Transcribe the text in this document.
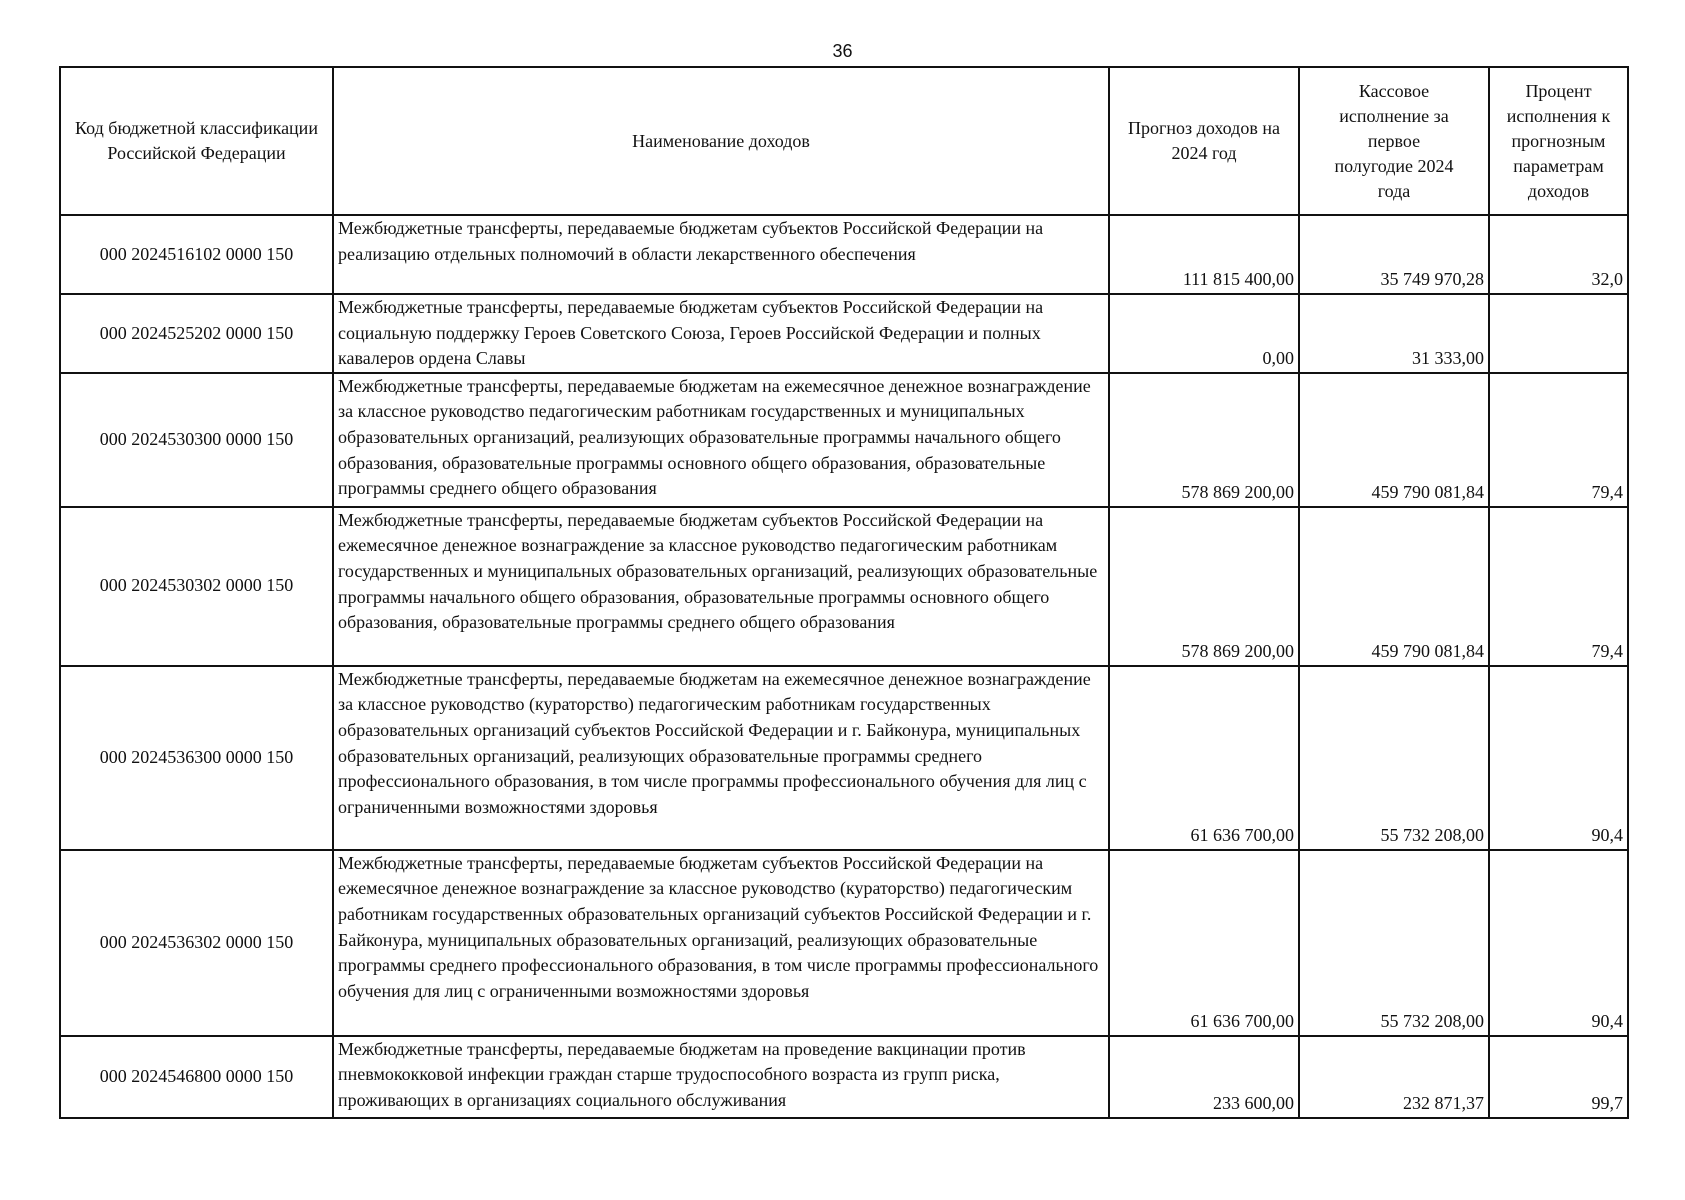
36
Код бюджетной классификации Российской Федерации	Наименование доходов	Прогноз доходов на 2024 год	Кассовое исполнение за первое полугодие 2024 года	Процент исполнения к прогнозным параметрам доходов
000 2024516102 0000 150	Межбюджетные трансферты, передаваемые бюджетам субъектов Российской Федерации на реализацию отдельных полномочий в области лекарственного обеспечения	111 815 400,00	35 749 970,28	32,0
000 2024525202 0000 150	Межбюджетные трансферты, передаваемые бюджетам субъектов Российской Федерации на социальную поддержку Героев Советского Союза, Героев Российской Федерации и полных кавалеров ордена Славы	0,00	31 333,00	
000 2024530300 0000 150	Межбюджетные трансферты, передаваемые бюджетам на ежемесячное денежное вознаграждение за классное руководство педагогическим работникам государственных и муниципальных образовательных организаций, реализующих образовательные программы начального общего образования, образовательные программы основного общего образования, образовательные программы среднего общего образования	578 869 200,00	459 790 081,84	79,4
000 2024530302 0000 150	Межбюджетные трансферты, передаваемые бюджетам субъектов Российской Федерации на ежемесячное денежное вознаграждение за классное руководство педагогическим работникам государственных и муниципальных образовательных организаций, реализующих образовательные программы начального общего образования, образовательные программы основного общего образования, образовательные программы среднего общего образования	578 869 200,00	459 790 081,84	79,4
000 2024536300 0000 150	Межбюджетные трансферты, передаваемые бюджетам на ежемесячное денежное вознаграждение за классное руководство (кураторство) педагогическим работникам государственных образовательных организаций субъектов Российской Федерации и г. Байконура, муниципальных образовательных организаций, реализующих образовательные программы среднего профессионального образования, в том числе программы профессионального обучения для лиц с ограниченными возможностями здоровья	61 636 700,00	55 732 208,00	90,4
000 2024536302 0000 150	Межбюджетные трансферты, передаваемые бюджетам субъектов Российской Федерации на ежемесячное денежное вознаграждение за классное руководство (кураторство) педагогическим работникам государственных образовательных организаций субъектов Российской Федерации и г. Байконура, муниципальных образовательных организаций, реализующих образовательные программы среднего профессионального образования, в том числе программы профессионального обучения для лиц с ограниченными возможностями здоровья	61 636 700,00	55 732 208,00	90,4
000 2024546800 0000 150	Межбюджетные трансферты, передаваемые бюджетам на проведение вакцинации против пневмококковой инфекции граждан старше трудоспособного возраста из групп риска, проживающих в организациях социального обслуживания	233 600,00	232 871,37	99,7
